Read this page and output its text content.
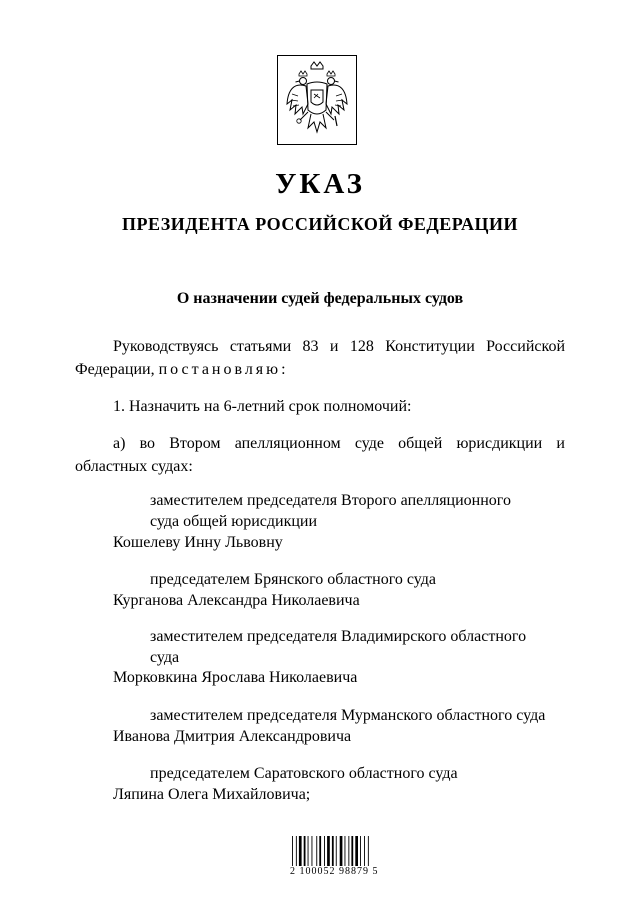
УКАЗ
ПРЕЗИДЕНТА РОССИЙСКОЙ ФЕДЕРАЦИИ
О назначении судей федеральных судов
Руководствуясь статьями 83 и 128 Конституции Российской
Федерации, постановляю:
1. Назначить на 6-летний срок полномочий:
а) во Втором апелляционном суде общей юрисдикции и
областных судах:
заместителем председателя Второго апелляционного
суда общей юрисдикции
Кошелеву Инну Львовну
председателем Брянского областного суда
Курганова Александра Николаевича
заместителем председателя Владимирского областного
суда
Морковкина Ярослава Николаевича
заместителем председателя Мурманского областного суда
Иванова Дмитрия Александровича
председателем Саратовского областного суда
Ляпина Олега Михайловича;
2 100052 98879 5
